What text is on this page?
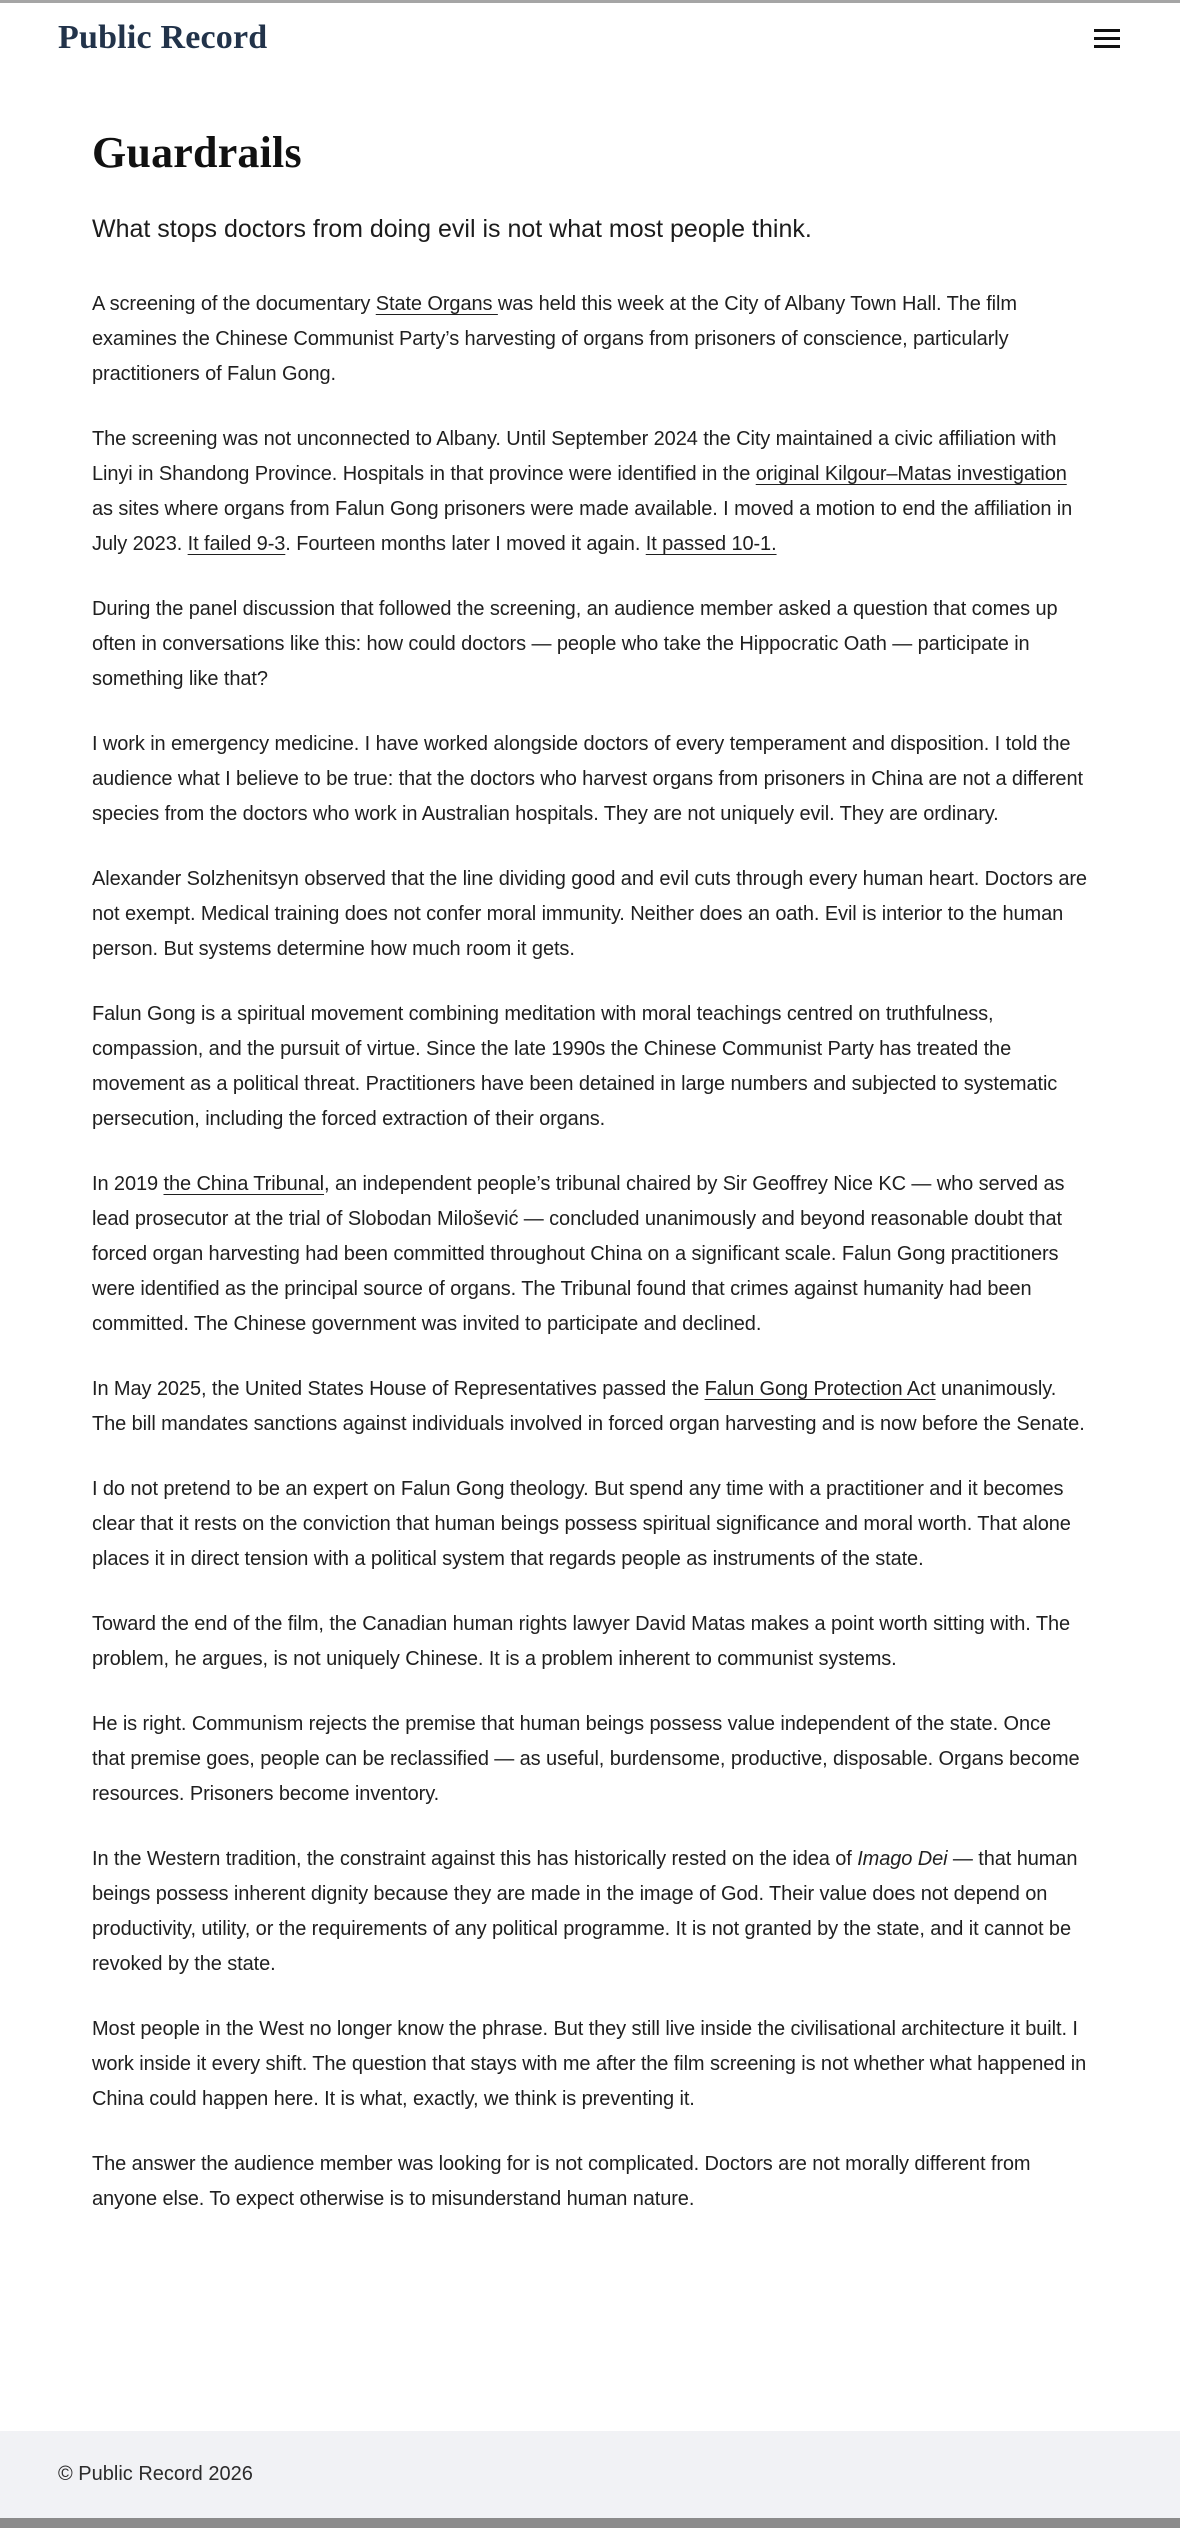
Public Record
Guardrails

What stops doctors from doing evil is not what most people think.

A screening of the documentary State Organs was held this week at the City of Albany Town Hall. The film examines the Chinese Communist Party’s harvesting of organs from prisoners of conscience, particularly practitioners of Falun Gong.

The screening was not unconnected to Albany. Until September 2024 the City maintained a civic affiliation with Linyi in Shandong Province. Hospitals in that province were identified in the original Kilgour–Matas investigation as sites where organs from Falun Gong prisoners were made available. I moved a motion to end the affiliation in July 2023. It failed 9-3. Fourteen months later I moved it again. It passed 10-1.

During the panel discussion that followed the screening, an audience member asked a question that comes up often in conversations like this: how could doctors — people who take the Hippocratic Oath — participate in something like that?

I work in emergency medicine. I have worked alongside doctors of every temperament and disposition. I told the audience what I believe to be true: that the doctors who harvest organs from prisoners in China are not a different species from the doctors who work in Australian hospitals. They are not uniquely evil. They are ordinary.

Alexander Solzhenitsyn observed that the line dividing good and evil cuts through every human heart. Doctors are not exempt. Medical training does not confer moral immunity. Neither does an oath. Evil is interior to the human person. But systems determine how much room it gets.

Falun Gong is a spiritual movement combining meditation with moral teachings centred on truthfulness, compassion, and the pursuit of virtue. Since the late 1990s the Chinese Communist Party has treated the movement as a political threat. Practitioners have been detained in large numbers and subjected to systematic persecution, including the forced extraction of their organs.

In 2019 the China Tribunal, an independent people’s tribunal chaired by Sir Geoffrey Nice KC — who served as lead prosecutor at the trial of Slobodan Milošević — concluded unanimously and beyond reasonable doubt that forced organ harvesting had been committed throughout China on a significant scale. Falun Gong practitioners were identified as the principal source of organs. The Tribunal found that crimes against humanity had been committed. The Chinese government was invited to participate and declined.

In May 2025, the United States House of Representatives passed the Falun Gong Protection Act unanimously. The bill mandates sanctions against individuals involved in forced organ harvesting and is now before the Senate.

I do not pretend to be an expert on Falun Gong theology. But spend any time with a practitioner and it becomes clear that it rests on the conviction that human beings possess spiritual significance and moral worth. That alone places it in direct tension with a political system that regards people as instruments of the state.

Toward the end of the film, the Canadian human rights lawyer David Matas makes a point worth sitting with. The problem, he argues, is not uniquely Chinese. It is a problem inherent to communist systems.

He is right. Communism rejects the premise that human beings possess value independent of the state. Once that premise goes, people can be reclassified — as useful, burdensome, productive, disposable. Organs become resources. Prisoners become inventory.

In the Western tradition, the constraint against this has historically rested on the idea of Imago Dei — that human beings possess inherent dignity because they are made in the image of God. Their value does not depend on productivity, utility, or the requirements of any political programme. It is not granted by the state, and it cannot be revoked by the state.

Most people in the West no longer know the phrase. But they still live inside the civilisational architecture it built. I work inside it every shift. The question that stays with me after the film screening is not whether what happened in China could happen here. It is what, exactly, we think is preventing it.

The answer the audience member was looking for is not complicated. Doctors are not morally different from anyone else. To expect otherwise is to misunderstand human nature.

© Public Record 2026
